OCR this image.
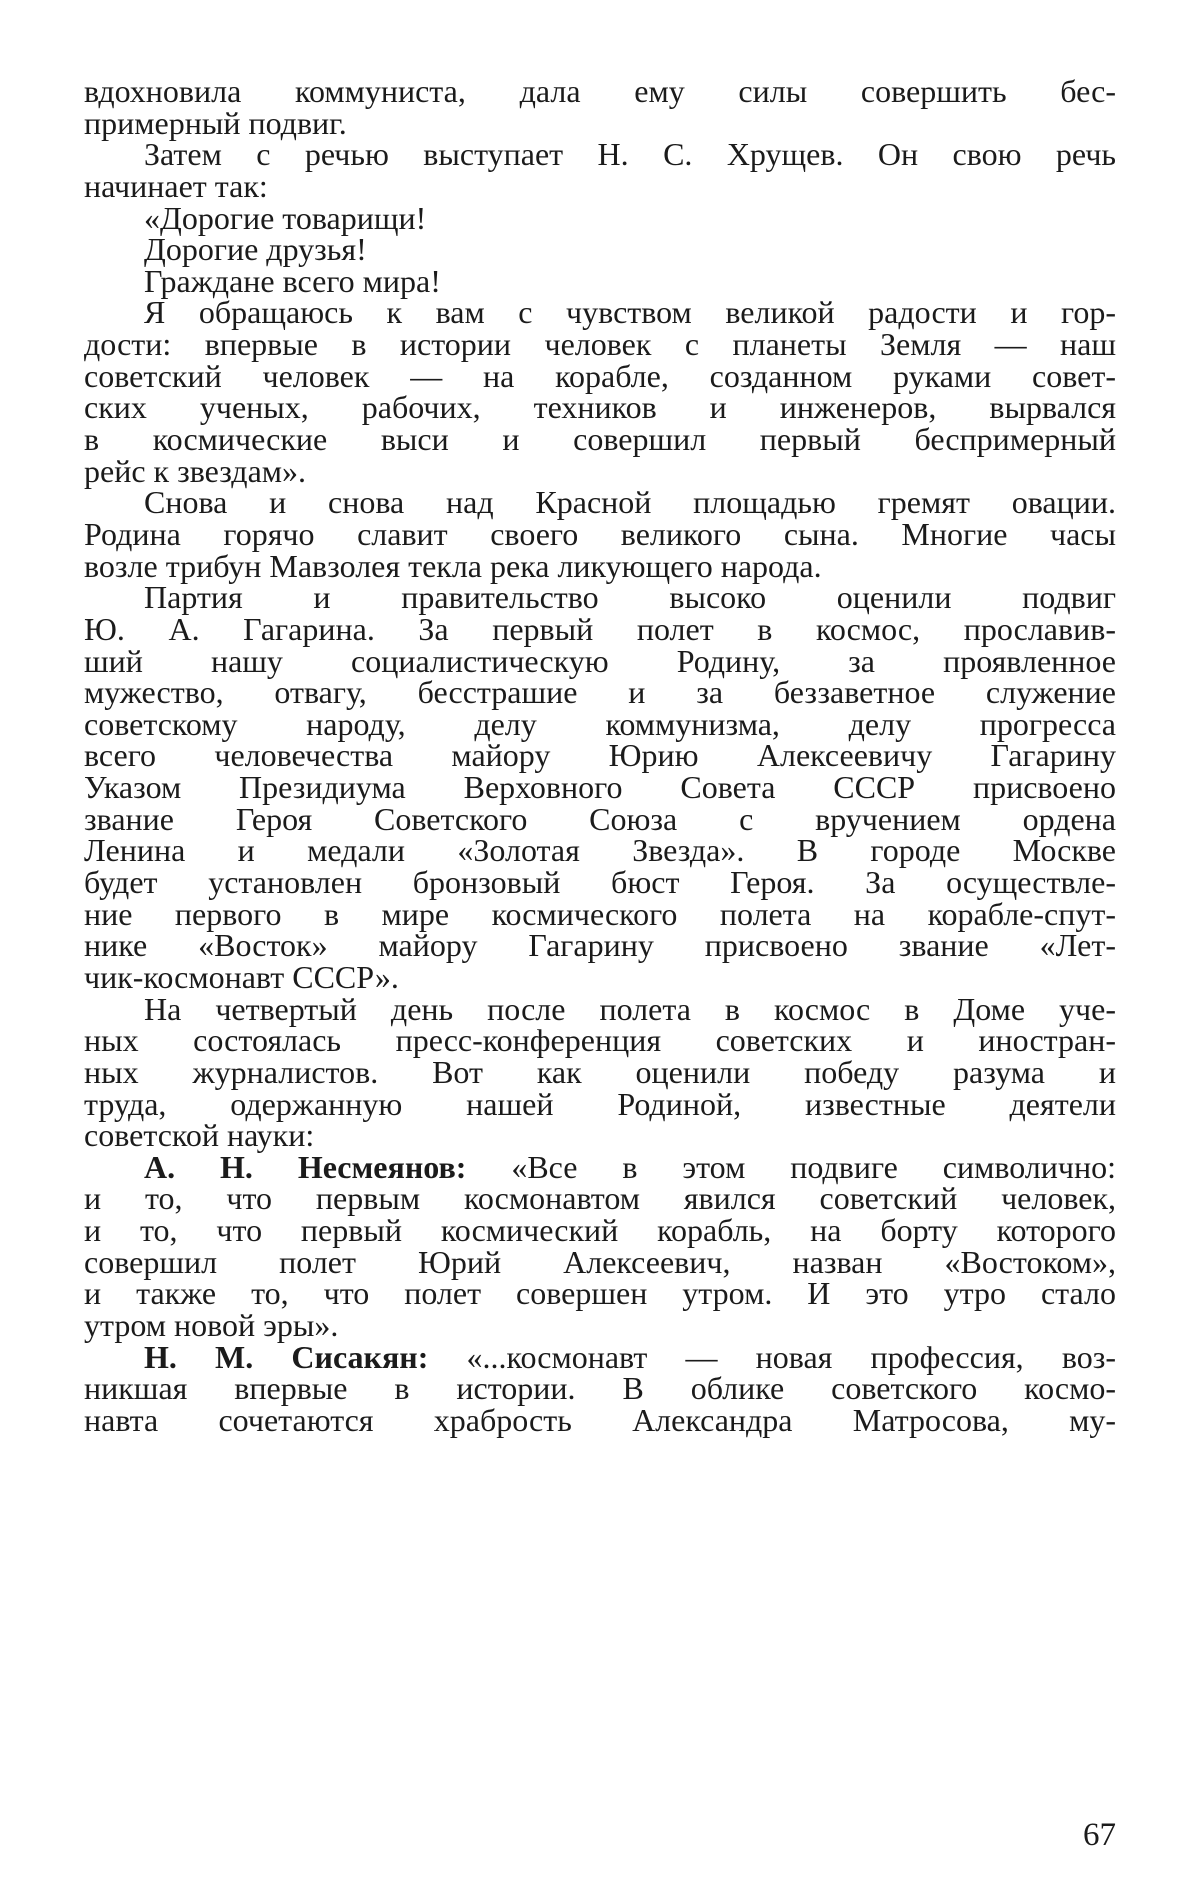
вдохновила коммуниста, дала ему силы совершить бес-
примерный подвиг.
Затем с речью выступает Н. С. Хрущев. Он свою речь
начинает так:
«Дорогие товарищи!
Дорогие друзья!
Граждане всего мира!
Я обращаюсь к вам с чувством великой радости и гор-
дости: впервые в истории человек с планеты Земля — наш
советский человек — на корабле, созданном руками совет-
ских ученых, рабочих, техников и инженеров, вырвался
в космические выси и совершил первый беспримерный
рейс к звездам».
Снова и снова над Красной площадью гремят овации.
Родина горячо славит своего великого сына. Многие часы
возле трибун Мавзолея текла река ликующего народа.
Партия и правительство высоко оценили подвиг
Ю. А. Гагарина. За первый полет в космос, прославив-
ший нашу социалистическую Родину, за проявленное
мужество, отвагу, бесстрашие и за беззаветное служение
советскому народу, делу коммунизма, делу прогресса
всего человечества майору Юрию Алексеевичу Гагарину
Указом Президиума Верховного Совета СССР присвоено
звание Героя Советского Союза с вручением ордена
Ленина и медали «Золотая Звезда». В городе Москве
будет установлен бронзовый бюст Героя. За осуществле-
ние первого в мире космического полета на корабле-спут-
нике «Восток» майору Гагарину присвоено звание «Лет-
чик-космонавт СССР».
На четвертый день после полета в космос в Доме уче-
ных состоялась пресс-конференция советских и иностран-
ных журналистов. Вот как оценили победу разума и
труда, одержанную нашей Родиной, известные деятели
советской науки:
А. Н. Несмеянов: «Все в этом подвиге символично:
и то, что первым космонавтом явился советский человек,
и то, что первый космический корабль, на борту которого
совершил полет Юрий Алексеевич, назван «Востоком»,
и также то, что полет совершен утром. И это утро стало
утром новой эры».
Н. М. Сисакян: «...космонавт — новая профессия, воз-
никшая впервые в истории. В облике советского космо-
навта сочетаются храбрость Александра Матросова, му-
67
